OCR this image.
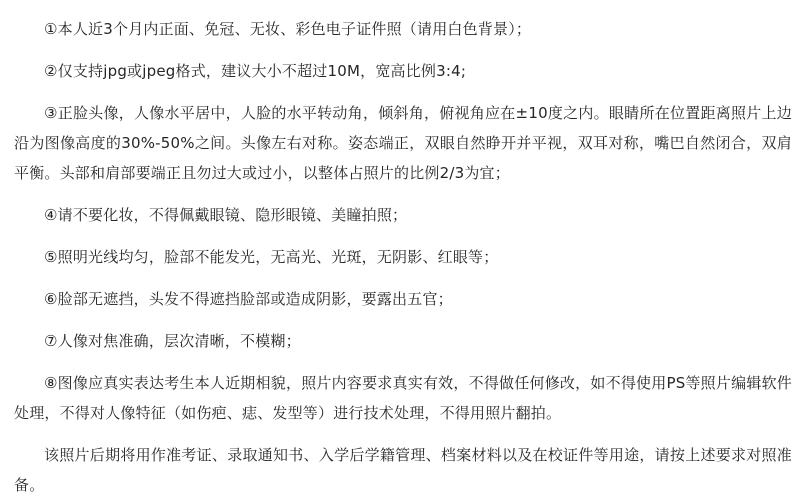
①本人近3个月内正面、免冠、无妆、彩色电子证件照（请用白色背景）；

②仅支持jpg或jpeg格式，建议大小不超过10M，宽高比例3:4;

③正脸头像，人像水平居中，人脸的水平转动角，倾斜角，俯视角应在±10度之内。眼睛所在位置距离照片上边沿为图像高度的30%-50%之间。头像左右对称。姿态端正，双眼自然睁开并平视，双耳对称，嘴巴自然闭合，双肩平衡。头部和肩部要端正且勿过大或过小，以整体占照片的比例2/3为宜；

④请不要化妆，不得佩戴眼镜、隐形眼镜、美瞳拍照；

⑤照明光线均匀，脸部不能发光，无高光、光斑，无阴影、红眼等；

⑥脸部无遮挡，头发不得遮挡脸部或造成阴影，要露出五官；

⑦人像对焦准确，层次清晰，不模糊；

⑧图像应真实表达考生本人近期相貌，照片内容要求真实有效，不得做任何修改，如不得使用PS等照片编辑软件处理，不得对人像特征（如伤疤、痣、发型等）进行技术处理，不得用照片翻拍。

该照片后期将用作准考证、录取通知书、入学后学籍管理、档案材料以及在校证件等用途，请按上述要求对照准备。
